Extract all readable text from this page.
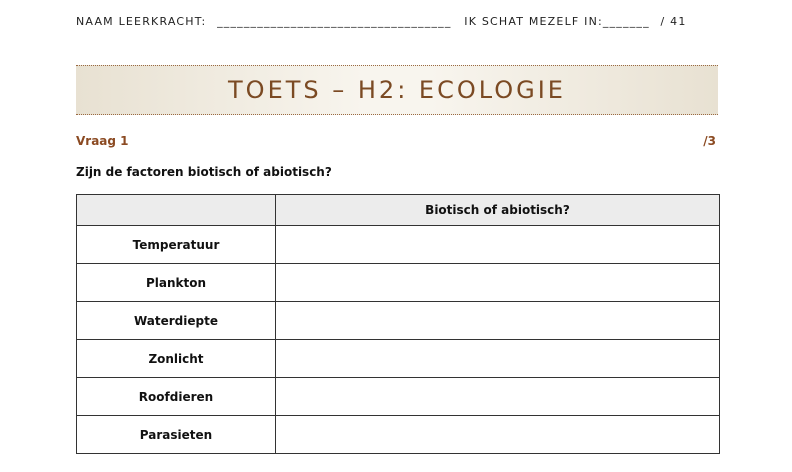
NAAM LEERKRACHT: ___________________________________ IK SCHAT MEZELF IN:_______ / 41
TOETS – H2: ECOLOGIE
Vraag 1	/3
Zijn de factoren biotisch of abiotisch?
	Biotisch of abiotisch?
Temperatuur	
Plankton	
Waterdiepte	
Zonlicht	
Roofdieren	
Parasieten	
